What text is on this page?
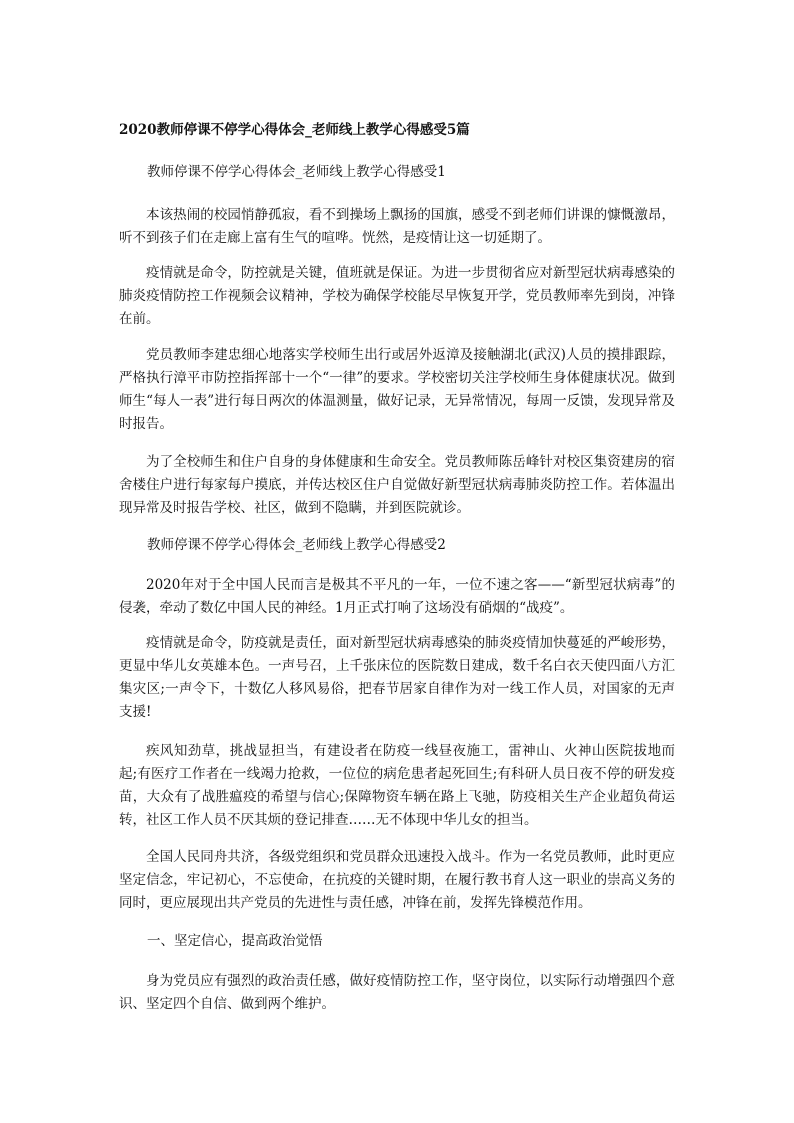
2020教师停课不停学心得体会_老师线上教学心得感受5篇

教师停课不停学心得体会_老师线上教学心得感受1

本该热闹的校园悄静孤寂，看不到操场上飘扬的国旗，感受不到老师们讲课的慷慨激昂，听不到孩子们在走廊上富有生气的喧哗。恍然，是疫情让这一切延期了。

疫情就是命令，防控就是关键，值班就是保证。为进一步贯彻省应对新型冠状病毒感染的肺炎疫情防控工作视频会议精神，学校为确保学校能尽早恢复开学，党员教师率先到岗，冲锋在前。

党员教师李建忠细心地落实学校师生出行或居外返漳及接触湖北(武汉)人员的摸排跟踪，严格执行漳平市防控指挥部十一个“一律”的要求。学校密切关注学校师生身体健康状况。做到师生“每人一表”进行每日两次的体温测量，做好记录，无异常情况，每周一反馈，发现异常及时报告。

为了全校师生和住户自身的身体健康和生命安全。党员教师陈岳峰针对校区集资建房的宿舍楼住户进行每家每户摸底，并传达校区住户自觉做好新型冠状病毒肺炎防控工作。若体温出现异常及时报告学校、社区，做到不隐瞒，并到医院就诊。

教师停课不停学心得体会_老师线上教学心得感受2

2020年对于全中国人民而言是极其不平凡的一年，一位不速之客——“新型冠状病毒”的侵袭，牵动了数亿中国人民的神经。1月正式打响了这场没有硝烟的“战疫”。

疫情就是命令，防疫就是责任，面对新型冠状病毒感染的肺炎疫情加快蔓延的严峻形势，更显中华儿女英雄本色。一声号召，上千张床位的医院数日建成，数千名白衣天使四面八方汇集灾区;一声令下，十数亿人移风易俗，把春节居家自律作为对一线工作人员，对国家的无声支援!

疾风知劲草，挑战显担当，有建设者在防疫一线昼夜施工，雷神山、火神山医院拔地而起;有医疗工作者在一线竭力抢救，一位位的病危患者起死回生;有科研人员日夜不停的研发疫苗，大众有了战胜瘟疫的希望与信心;保障物资车辆在路上飞驰，防疫相关生产企业超负荷运转，社区工作人员不厌其烦的登记排查……无不体现中华儿女的担当。

全国人民同舟共济，各级党组织和党员群众迅速投入战斗。作为一名党员教师，此时更应坚定信念，牢记初心，不忘使命，在抗疫的关键时期，在履行教书育人这一职业的崇高义务的同时，更应展现出共产党员的先进性与责任感，冲锋在前，发挥先锋模范作用。

一、坚定信心，提高政治觉悟

身为党员应有强烈的政治责任感，做好疫情防控工作，坚守岗位，以实际行动增强四个意识、坚定四个自信、做到两个维护。
